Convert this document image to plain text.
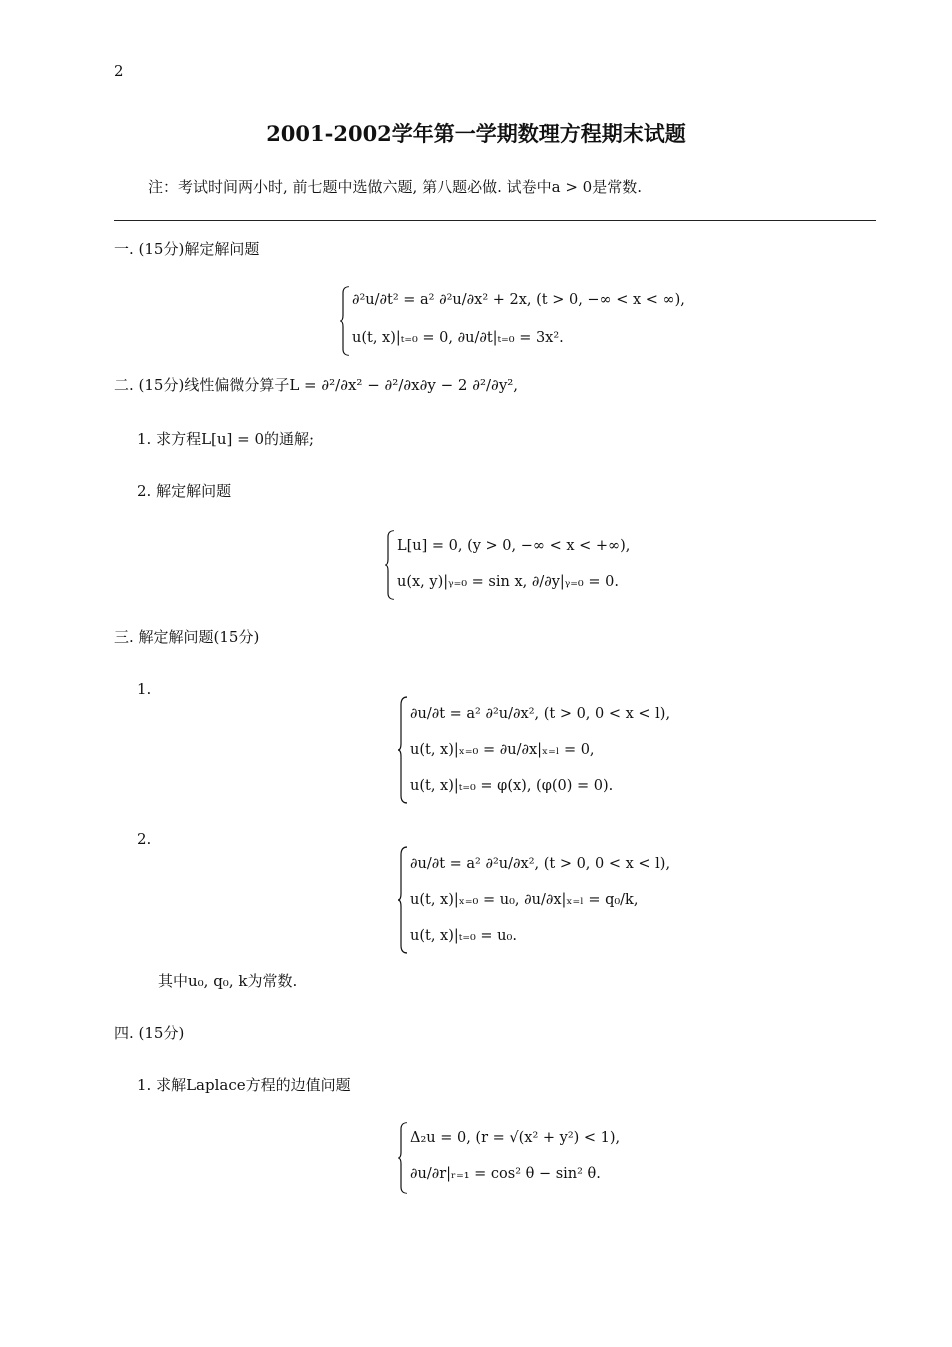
2
2001-2002学年第一学期数理方程期末试题
注：考试时间两小时, 前七题中选做六题, 第八题必做. 试卷中a > 0是常数.
一. (15分)解定解问题
∂²u/∂t² = a² ∂²u/∂x² + 2x, (t > 0, −∞ < x < ∞),
u(t, x)|ₜ₌₀ = 0, ∂u/∂t|ₜ₌₀ = 3x².
二. (15分)线性偏微分算子L = ∂²/∂x² − ∂²/∂x∂y − 2 ∂²/∂y²,
1. 求方程L[u] = 0的通解;
2. 解定解问题
L[u] = 0, (y > 0, −∞ < x < +∞),
u(x, y)|ᵧ₌₀ = sin x, ∂/∂y|ᵧ₌₀ = 0.
三. 解定解问题(15分)
1.
∂u/∂t = a² ∂²u/∂x², (t > 0, 0 < x < l),
u(t, x)|ₓ₌₀ = ∂u/∂x|ₓ₌ₗ = 0,
u(t, x)|ₜ₌₀ = φ(x), (φ(0) = 0).
2.
∂u/∂t = a² ∂²u/∂x², (t > 0, 0 < x < l),
u(t, x)|ₓ₌₀ = u₀, ∂u/∂x|ₓ₌ₗ = q₀/k,
u(t, x)|ₜ₌₀ = u₀.
其中u₀, q₀, k为常数.
四. (15分)
1. 求解Laplace方程的边值问题
Δ₂u = 0, (r = √(x² + y²) < 1),
∂u/∂r|ᵣ₌₁ = cos² θ − sin² θ.
